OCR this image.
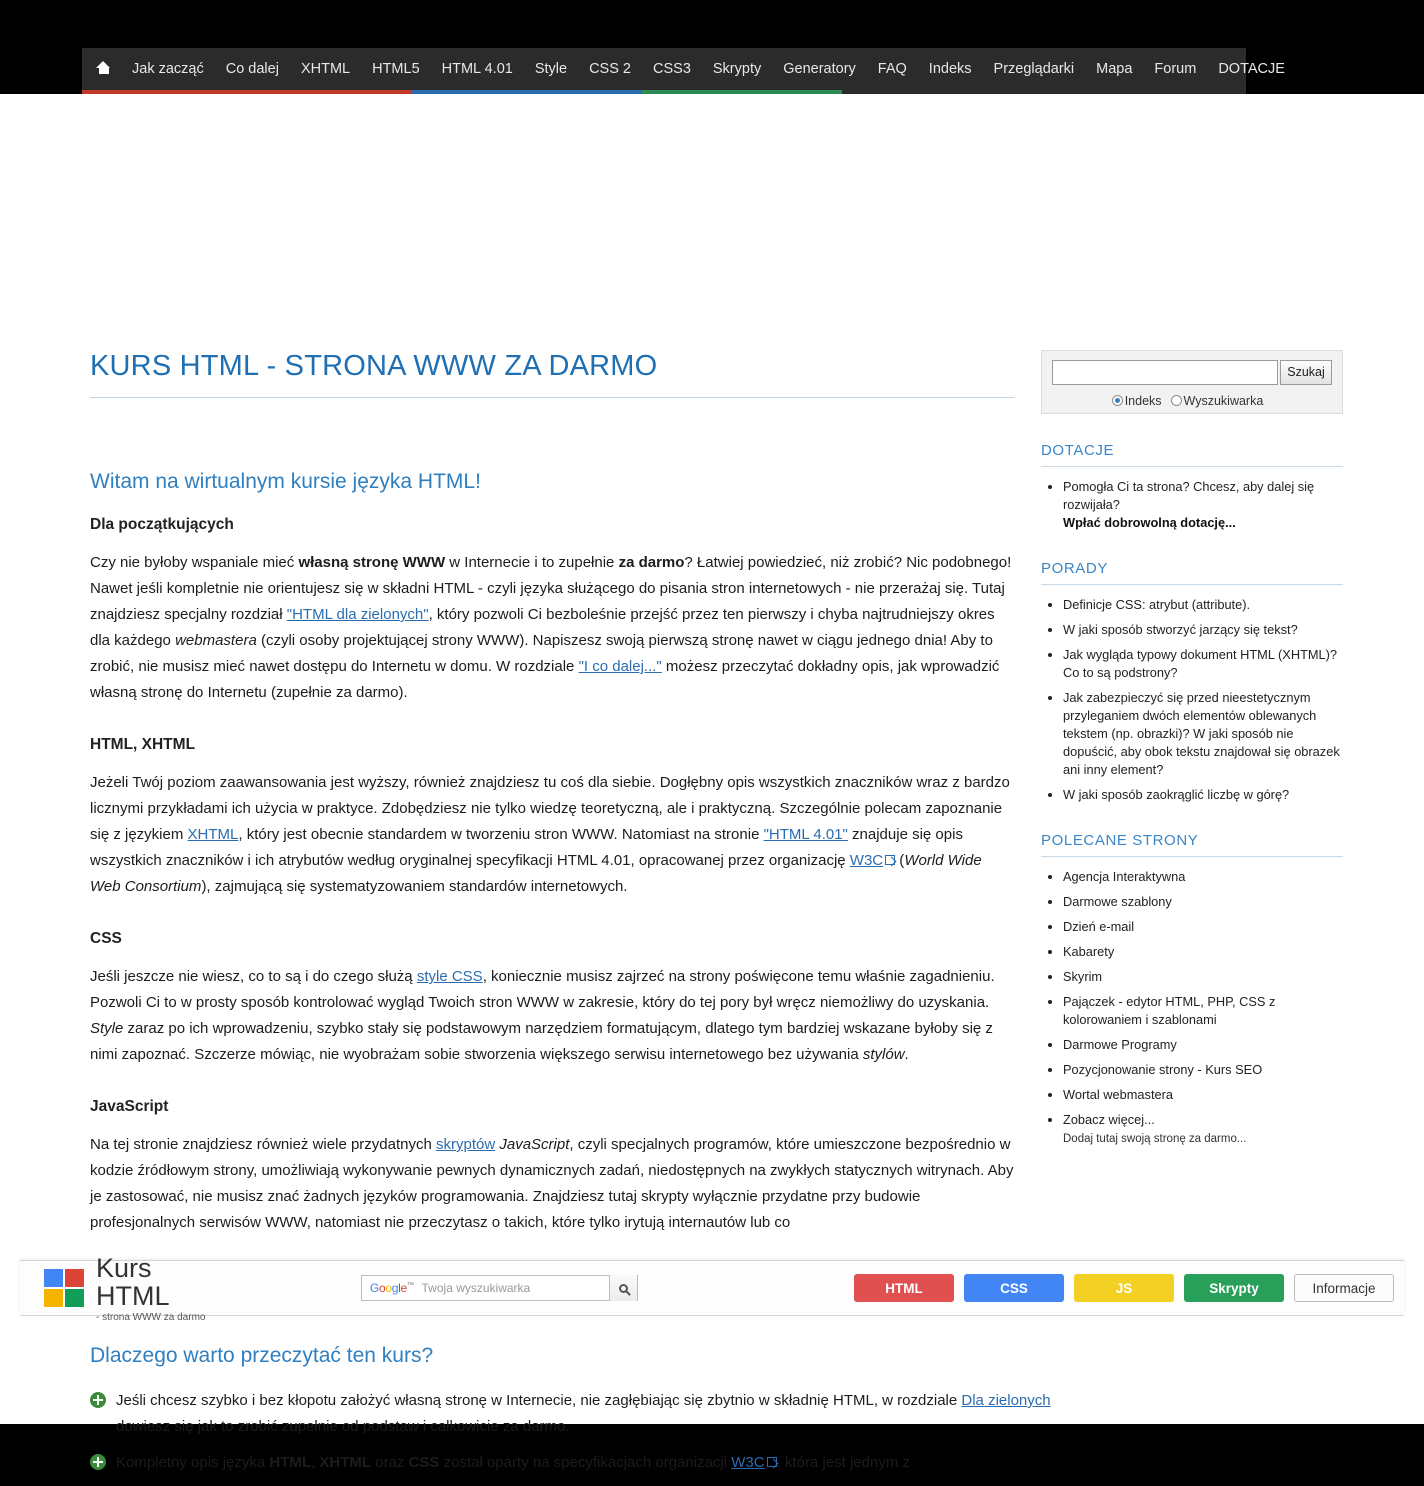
Jak zacząć	Co dalej	XHTML	HTML5	HTML 4.01	Style	CSS 2	CSS3	Skrypty	Generatory	FAQ	Indeks	Przeglądarki	Mapa	Forum	DOTACJE
KURS HTML - STRONA WWW ZA DARMO
Witam na wirtualnym kursie języka HTML!
Dla początkujących

Czy nie byłoby wspaniale mieć własną stronę WWW w Internecie i to zupełnie za darmo? Łatwiej powiedzieć, niż zrobić? Nic podobnego! Nawet jeśli kompletnie nie orientujesz się w składni HTML - czyli języka służącego do pisania stron internetowych - nie przerażaj się. Tutaj znajdziesz specjalny rozdział "HTML dla zielonych", który pozwoli Ci bezboleśnie przejść przez ten pierwszy i chyba najtrudniejszy okres dla każdego webmastera (czyli osoby projektującej strony WWW). Napiszesz swoją pierwszą stronę nawet w ciągu jednego dnia! Aby to zrobić, nie musisz mieć nawet dostępu do Internetu w domu. W rozdziale "I co dalej..." możesz przeczytać dokładny opis, jak wprowadzić własną stronę do Internetu (zupełnie za darmo).

HTML, XHTML

Jeżeli Twój poziom zaawansowania jest wyższy, również znajdziesz tu coś dla siebie. Dogłębny opis wszystkich znaczników wraz z bardzo licznymi przykładami ich użycia w praktyce. Zdobędziesz nie tylko wiedzę teoretyczną, ale i praktyczną. Szczególnie polecam zapoznanie się z językiem XHTML, który jest obecnie standardem w tworzeniu stron WWW. Natomiast na stronie "HTML 4.01" znajduje się opis wszystkich znaczników i ich atrybutów według oryginalnej specyfikacji HTML 4.01, opracowanej przez organizację W3C (World Wide Web Consortium), zajmującą się systematyzowaniem standardów internetowych.

CSS

Jeśli jeszcze nie wiesz, co to są i do czego służą style CSS, koniecznie musisz zajrzeć na strony poświęcone temu właśnie zagadnieniu. Pozwoli Ci to w prosty sposób kontrolować wygląd Twoich stron WWW w zakresie, który do tej pory był wręcz niemożliwy do uzyskania. Style zaraz po ich wprowadzeniu, szybko stały się podstawowym narzędziem formatującym, dlatego tym bardziej wskazane byłoby się z nimi zapoznać. Szczerze mówiąc, nie wyobrażam sobie stworzenia większego serwisu internetowego bez używania stylów.

JavaScript

Na tej stronie znajdziesz również wiele przydatnych skryptów JavaScript, czyli specjalnych programów, które umieszczone bezpośrednio w kodzie źródłowym strony, umożliwiają wykonywanie pewnych dynamicznych zadań, niedostępnych na zwykłych statycznych witrynach. Aby je zastosować, nie musisz znać żadnych języków programowania. Znajdziesz tutaj skrypty wyłącznie przydatne przy budowie profesjonalnych serwisów WWW, natomiast nie przeczytasz o takich, które tylko irytują internautów lub co

Szukaj
Indeks Wyszukiwarka
DOTACJE
• Pomogła Ci ta strona? Chcesz, aby dalej się rozwijała?
Wpłać dobrowolną dotację...
PORADY
• Definicje CSS: atrybut (attribute).
• W jaki sposób stworzyć jarzący się tekst?
• Jak wygląda typowy dokument HTML (XHTML)? Co to są podstrony?
• Jak zabezpieczyć się przed nieestetycznym przyleganiem dwóch elementów oblewanych tekstem (np. obrazki)? W jaki sposób nie dopuścić, aby obok tekstu znajdował się obrazek ani inny element?
• W jaki sposób zaokrąglić liczbę w górę?
POLECANE STRONY
• Agencja Interaktywna
• Darmowe szablony
• Dzień e-mail
• Kabarety
• Skyrim
• Pajączek - edytor HTML, PHP, CSS z kolorowaniem i szablonami
• Darmowe Programy
• Pozycjonowanie strony - Kurs SEO
• Wortal webmastera
• Zobacz więcej...
Dodaj tutaj swoją stronę za darmo...
Dlaczego warto przeczytać ten kurs?
Jeśli chcesz szybko i bez kłopotu założyć własną stronę w Internecie, nie zagłębiając się zbytnio w składnię HTML, w rozdziale Dla zielonych dowiesz się jak to zrobić zupełnie od podstaw i całkowicie za darmo.
Kompletny opis języka HTML, XHTML oraz CSS został oparty na specyfikacjach organizacji W3C , która jest jednym z
Kurs HTML
- strona WWW za darmo
Google™ Twoja wyszukiwarka	HTML	CSS	JS	Skrypty	Informacje
